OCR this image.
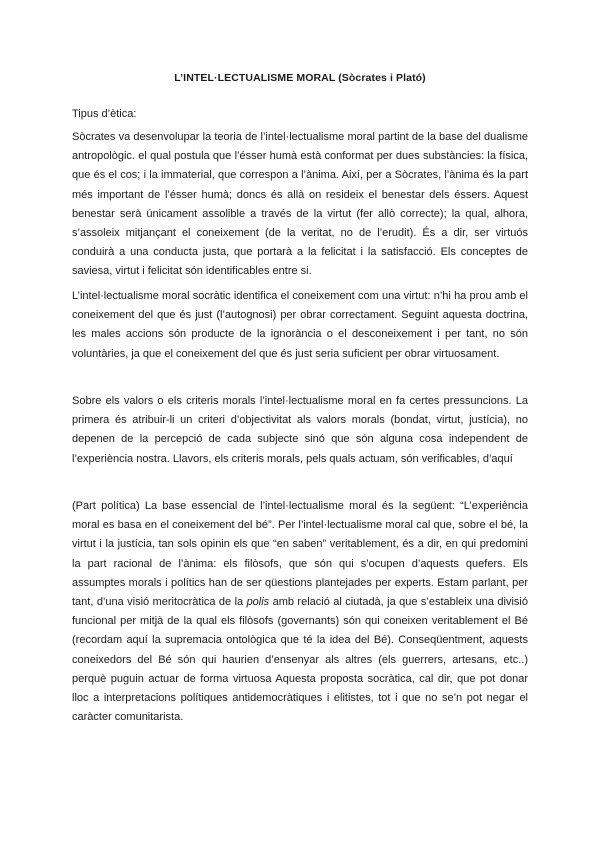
L’INTEL·LECTUALISME MORAL (Sòcrates i Plató)
Tipus d’ètica:

Sòcrates va desenvolupar la teoria de l’intel·lectualisme moral partint de la base del dualisme antropològic. el qual postula que l’ésser humà està conformat per dues substàncies: la física, que és el cos; i la immaterial, que correspon a l’ànima. Així, per a Sòcrates, l’ànima és la part més important de l’ésser humà; doncs és allà on resideix el benestar dels éssers. Aquest benestar serà únicament assolible a través de la virtut (fer allò correcte); la qual, alhora, s’assoleix mitjançant el coneixement (de la veritat, no de l’erudit). És a dir, ser virtuós conduirà a una conducta justa, que portarà a la felicitat i la satisfacció. Els conceptes de saviesa, virtut i felicitat són identificables entre si.

L’intel·lectualisme moral socràtic identifica el coneixement com una virtut: n’hi ha prou amb el coneixement del que és just (l’autognosi) per obrar correctament. Seguint aquesta doctrina, les males accions són producte de la ignorància o el desconeixement i per tant, no són voluntàries, ja que el coneixement del que és just seria suficient per obrar virtuosament.

Sobre els valors o els criteris morals l’intel·lectualisme moral en fa certes pressuncions. La primera és atribuir-li un criteri d’objectivitat als valors morals (bondat, virtut, justícia), no depenen de la percepció de cada subjecte sinó que són alguna cosa independent de l’experiència nostra. Llavors, els criteris morals, pels quals actuam, són verificables, d’aquí

(Part política) La base essencial de l’intel·lectualisme moral és la següent: “L’experiència moral es basa en el coneixement del bé”. Per l’intel·lectualisme moral cal que, sobre el bé, la virtut i la justícia, tan sols opinin els que “en saben” veritablement, és a dir, en qui predomini la part racional de l’ànima: els filòsofs, que són qui s’ocupen d’aquests quefers. Els assumptes morals i polítics han de ser qüestions plantejades per experts. Estam parlant, per tant, d’una visió meritocràtica de la polis amb relació al ciutadà, ja que s’estableix una divisió funcional per mitjà de la qual els filòsofs (governants) són qui coneixen veritablement el Bé (recordam aquí la supremacia ontològica que té la idea del Bé). Conseqüentment, aquests coneixedors del Bé són qui haurien d’ensenyar als altres (els guerrers, artesans, etc..) perquè puguin actuar de forma virtuosa Aquesta proposta socràtica, cal dir, que pot donar lloc a interpretacions polítiques antidemocràtiques i elitistes, tot i que no se’n pot negar el caràcter comunitarista.
